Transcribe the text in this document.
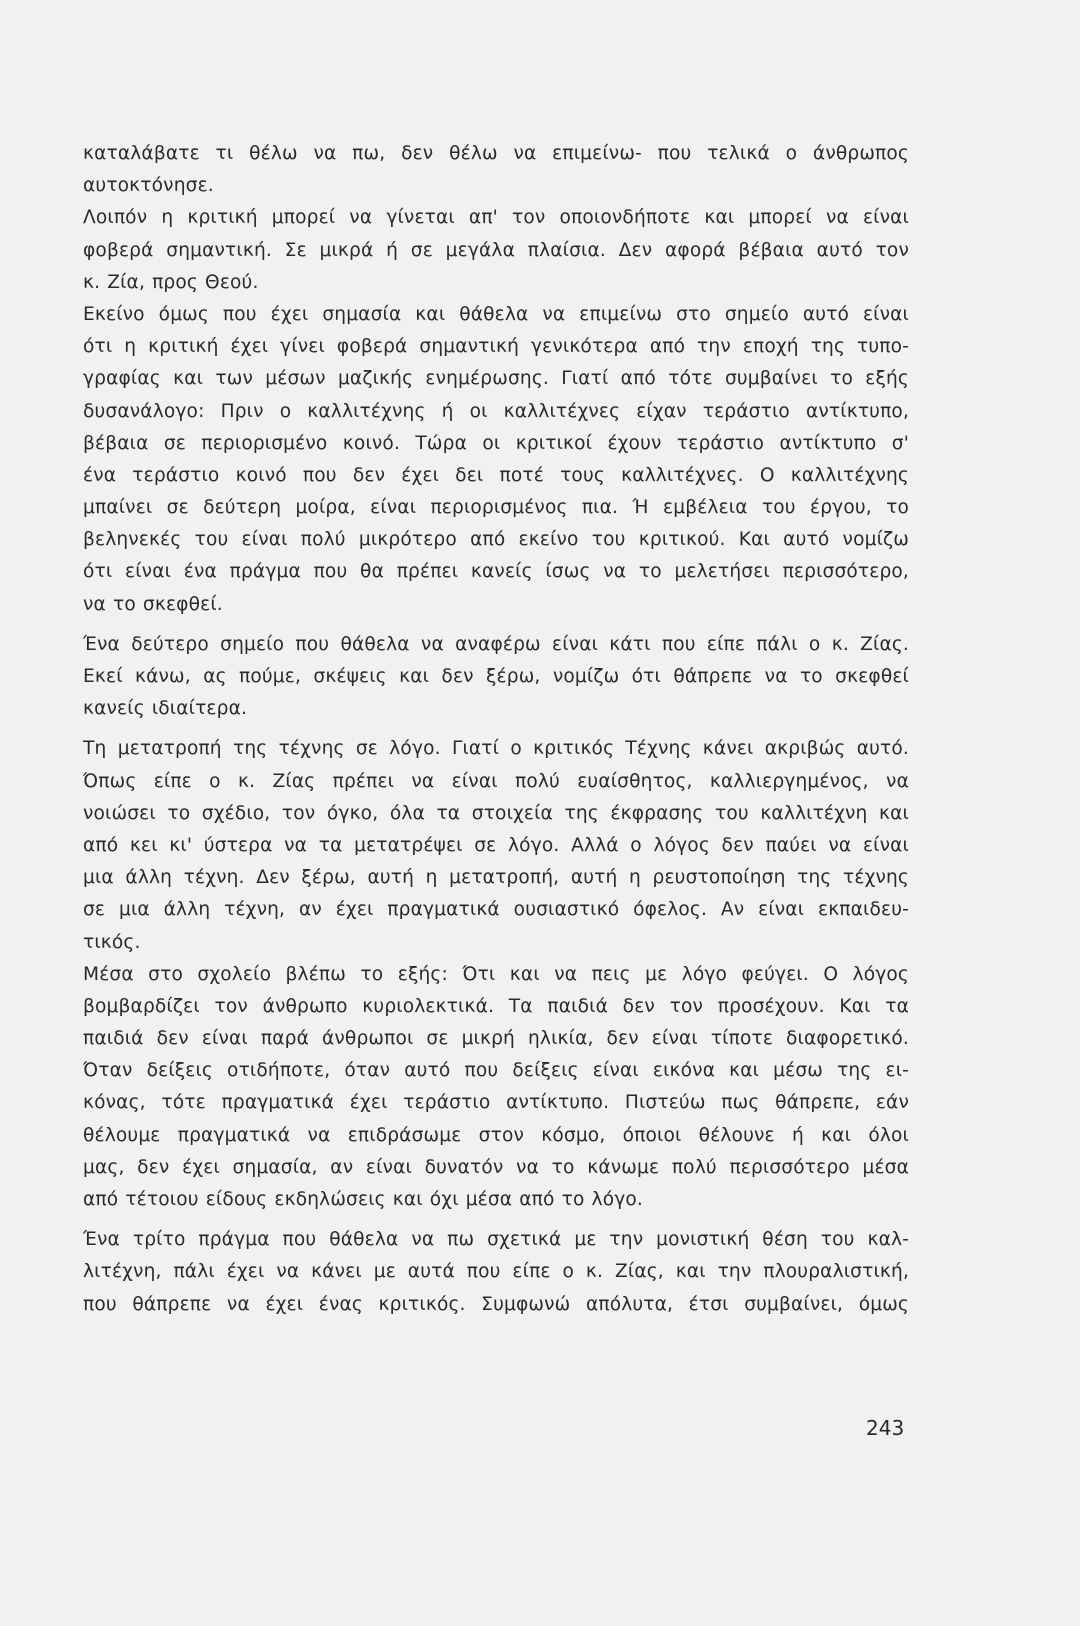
καταλάβατε τι θέλω να πω, δεν θέλω να επιμείνω- που τελικά ο άνθρωπος
αυτοκτόνησε.
Λοιπόν η κριτική μπορεί να γίνεται απ' τον οποιονδήποτε και μπορεί να είναι
φοβερά σημαντική. Σε μικρά ή σε μεγάλα πλαίσια. Δεν αφορά βέβαια αυτό τον
κ. Ζία, προς Θεού.
Εκείνο όμως που έχει σημασία και θάθελα να επιμείνω στο σημείο αυτό είναι
ότι η κριτική έχει γίνει φοβερά σημαντική γενικότερα από την εποχή της τυπο-
γραφίας και των μέσων μαζικής ενημέρωσης. Γιατί από τότε συμβαίνει το εξής
δυσανάλογο: Πριν ο καλλιτέχνης ή οι καλλιτέχνες είχαν τεράστιο αντίκτυπο,
βέβαια σε περιορισμένο κοινό. Τώρα οι κριτικοί έχουν τεράστιο αντίκτυπο σ'
ένα τεράστιο κοινό που δεν έχει δει ποτέ τους καλλιτέχνες. Ο καλλιτέχνης
μπαίνει σε δεύτερη μοίρα, είναι περιορισμένος πια. Ή εμβέλεια του έργου, το
βεληνεκές του είναι πολύ μικρότερο από εκείνο του κριτικού. Και αυτό νομίζω
ότι είναι ένα πράγμα που θα πρέπει κανείς ίσως να το μελετήσει περισσότερο,
να το σκεφθεί.
Ένα δεύτερο σημείο που θάθελα να αναφέρω είναι κάτι που είπε πάλι ο κ. Ζίας.
Εκεί κάνω, ας πούμε, σκέψεις και δεν ξέρω, νομίζω ότι θάπρεπε να το σκεφθεί
κανείς ιδιαίτερα.
Τη μετατροπή της τέχνης σε λόγο. Γιατί ο κριτικός Τέχνης κάνει ακριβώς αυτό.
Όπως είπε ο κ. Ζίας πρέπει να είναι πολύ ευαίσθητος, καλλιεργημένος, να
νοιώσει το σχέδιο, τον όγκο, όλα τα στοιχεία της έκφρασης του καλλιτέχνη και
από κει κι' ύστερα να τα μετατρέψει σε λόγο. Αλλά ο λόγος δεν παύει να είναι
μια άλλη τέχνη. Δεν ξέρω, αυτή η μετατροπή, αυτή η ρευστοποίηση της τέχνης
σε μια άλλη τέχνη, αν έχει πραγματικά ουσιαστικό όφελος. Αν είναι εκπαιδευ-
τικός.
Μέσα στο σχολείο βλέπω το εξής: Ότι και να πεις με λόγο φεύγει. Ο λόγος
βομβαρδίζει τον άνθρωπο κυριολεκτικά. Τα παιδιά δεν τον προσέχουν. Και τα
παιδιά δεν είναι παρά άνθρωποι σε μικρή ηλικία, δεν είναι τίποτε διαφορετικό.
Όταν δείξεις οτιδήποτε, όταν αυτό που δείξεις είναι εικόνα και μέσω της ει-
κόνας, τότε πραγματικά έχει τεράστιο αντίκτυπο. Πιστεύω πως θάπρεπε, εάν
θέλουμε πραγματικά να επιδράσωμε στον κόσμο, όποιοι θέλουνε ή και όλοι
μας, δεν έχει σημασία, αν είναι δυνατόν να το κάνωμε πολύ περισσότερο μέσα
από τέτοιου είδους εκδηλώσεις και όχι μέσα από το λόγο.
Ένα τρίτο πράγμα που θάθελα να πω σχετικά με την μονιστική θέση του καλ-
λιτέχνη, πάλι έχει να κάνει με αυτά που είπε ο κ. Ζίας, και την πλουραλιστική,
που θάπρεπε να έχει ένας κριτικός. Συμφωνώ απόλυτα, έτσι συμβαίνει, όμως
243
